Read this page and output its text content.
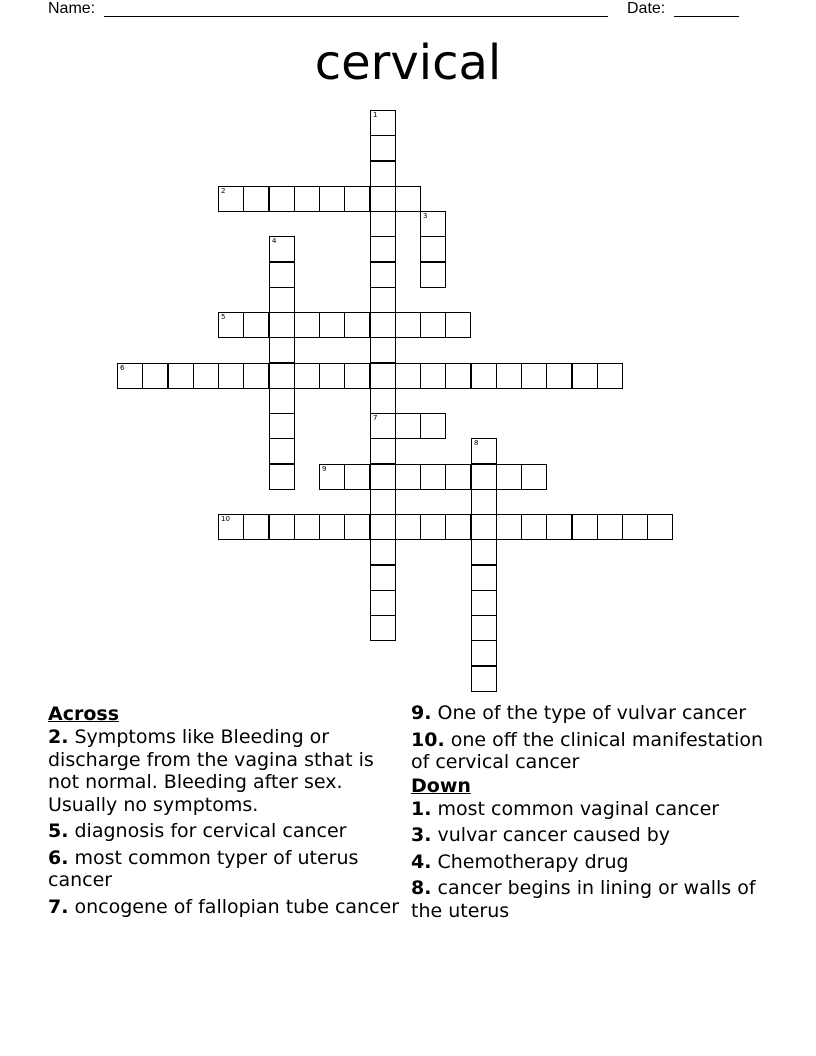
Name:	Date:
cervical
1
7
2
3
4
5
6
8
9
10
Across
2. Symptoms like Bleeding or discharge from the vagina sthat is not normal. Bleeding after sex. Usually no symptoms.
5. diagnosis for cervical cancer
6. most common typer of uterus cancer
7. oncogene of fallopian tube cancer
9. One of the type of vulvar cancer
10. one off the clinical manifestation of cervical cancer
Down
1. most common vaginal cancer
3. vulvar cancer caused by
4. Chemotherapy drug
8. cancer begins in lining or walls of the uterus
